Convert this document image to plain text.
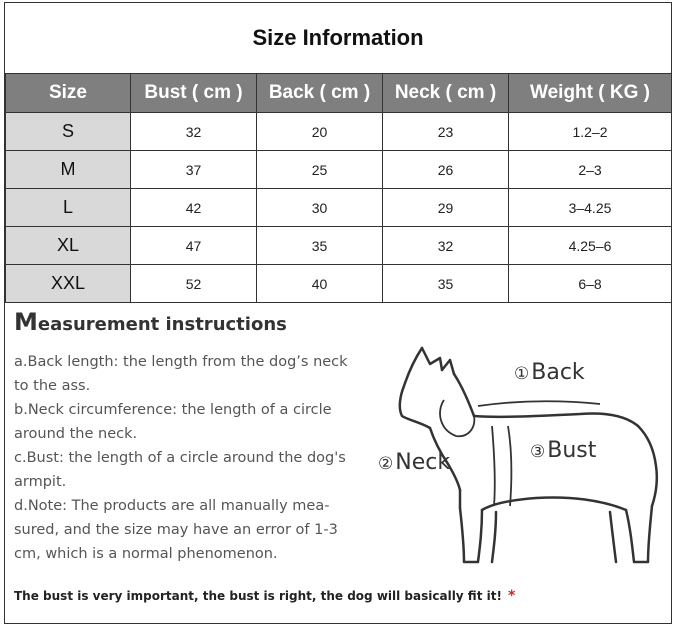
Size Information
Size	Bust ( cm )	Back ( cm )	Neck ( cm )	Weight ( KG )
S	32	20	23	1.2–2
M	37	25	26	2–3
L	42	30	29	3–4.25
XL	47	35	32	4.25–6
XXL	52	40	35	6–8

Measurement instructions

a.Back length: the length from the dog’s neck

to the ass.

b.Neck circumference: the length of a circle

around the neck.

c.Bust: the length of a circle around the dog's

armpit.

d.Note: The products are all manually mea-

sured, and the size may have an error of 1-3

cm, which is a normal phenomenon.

①Back
②Neck	③Bust
The bust is very important, the bust is right, the dog will basically fit it! *
